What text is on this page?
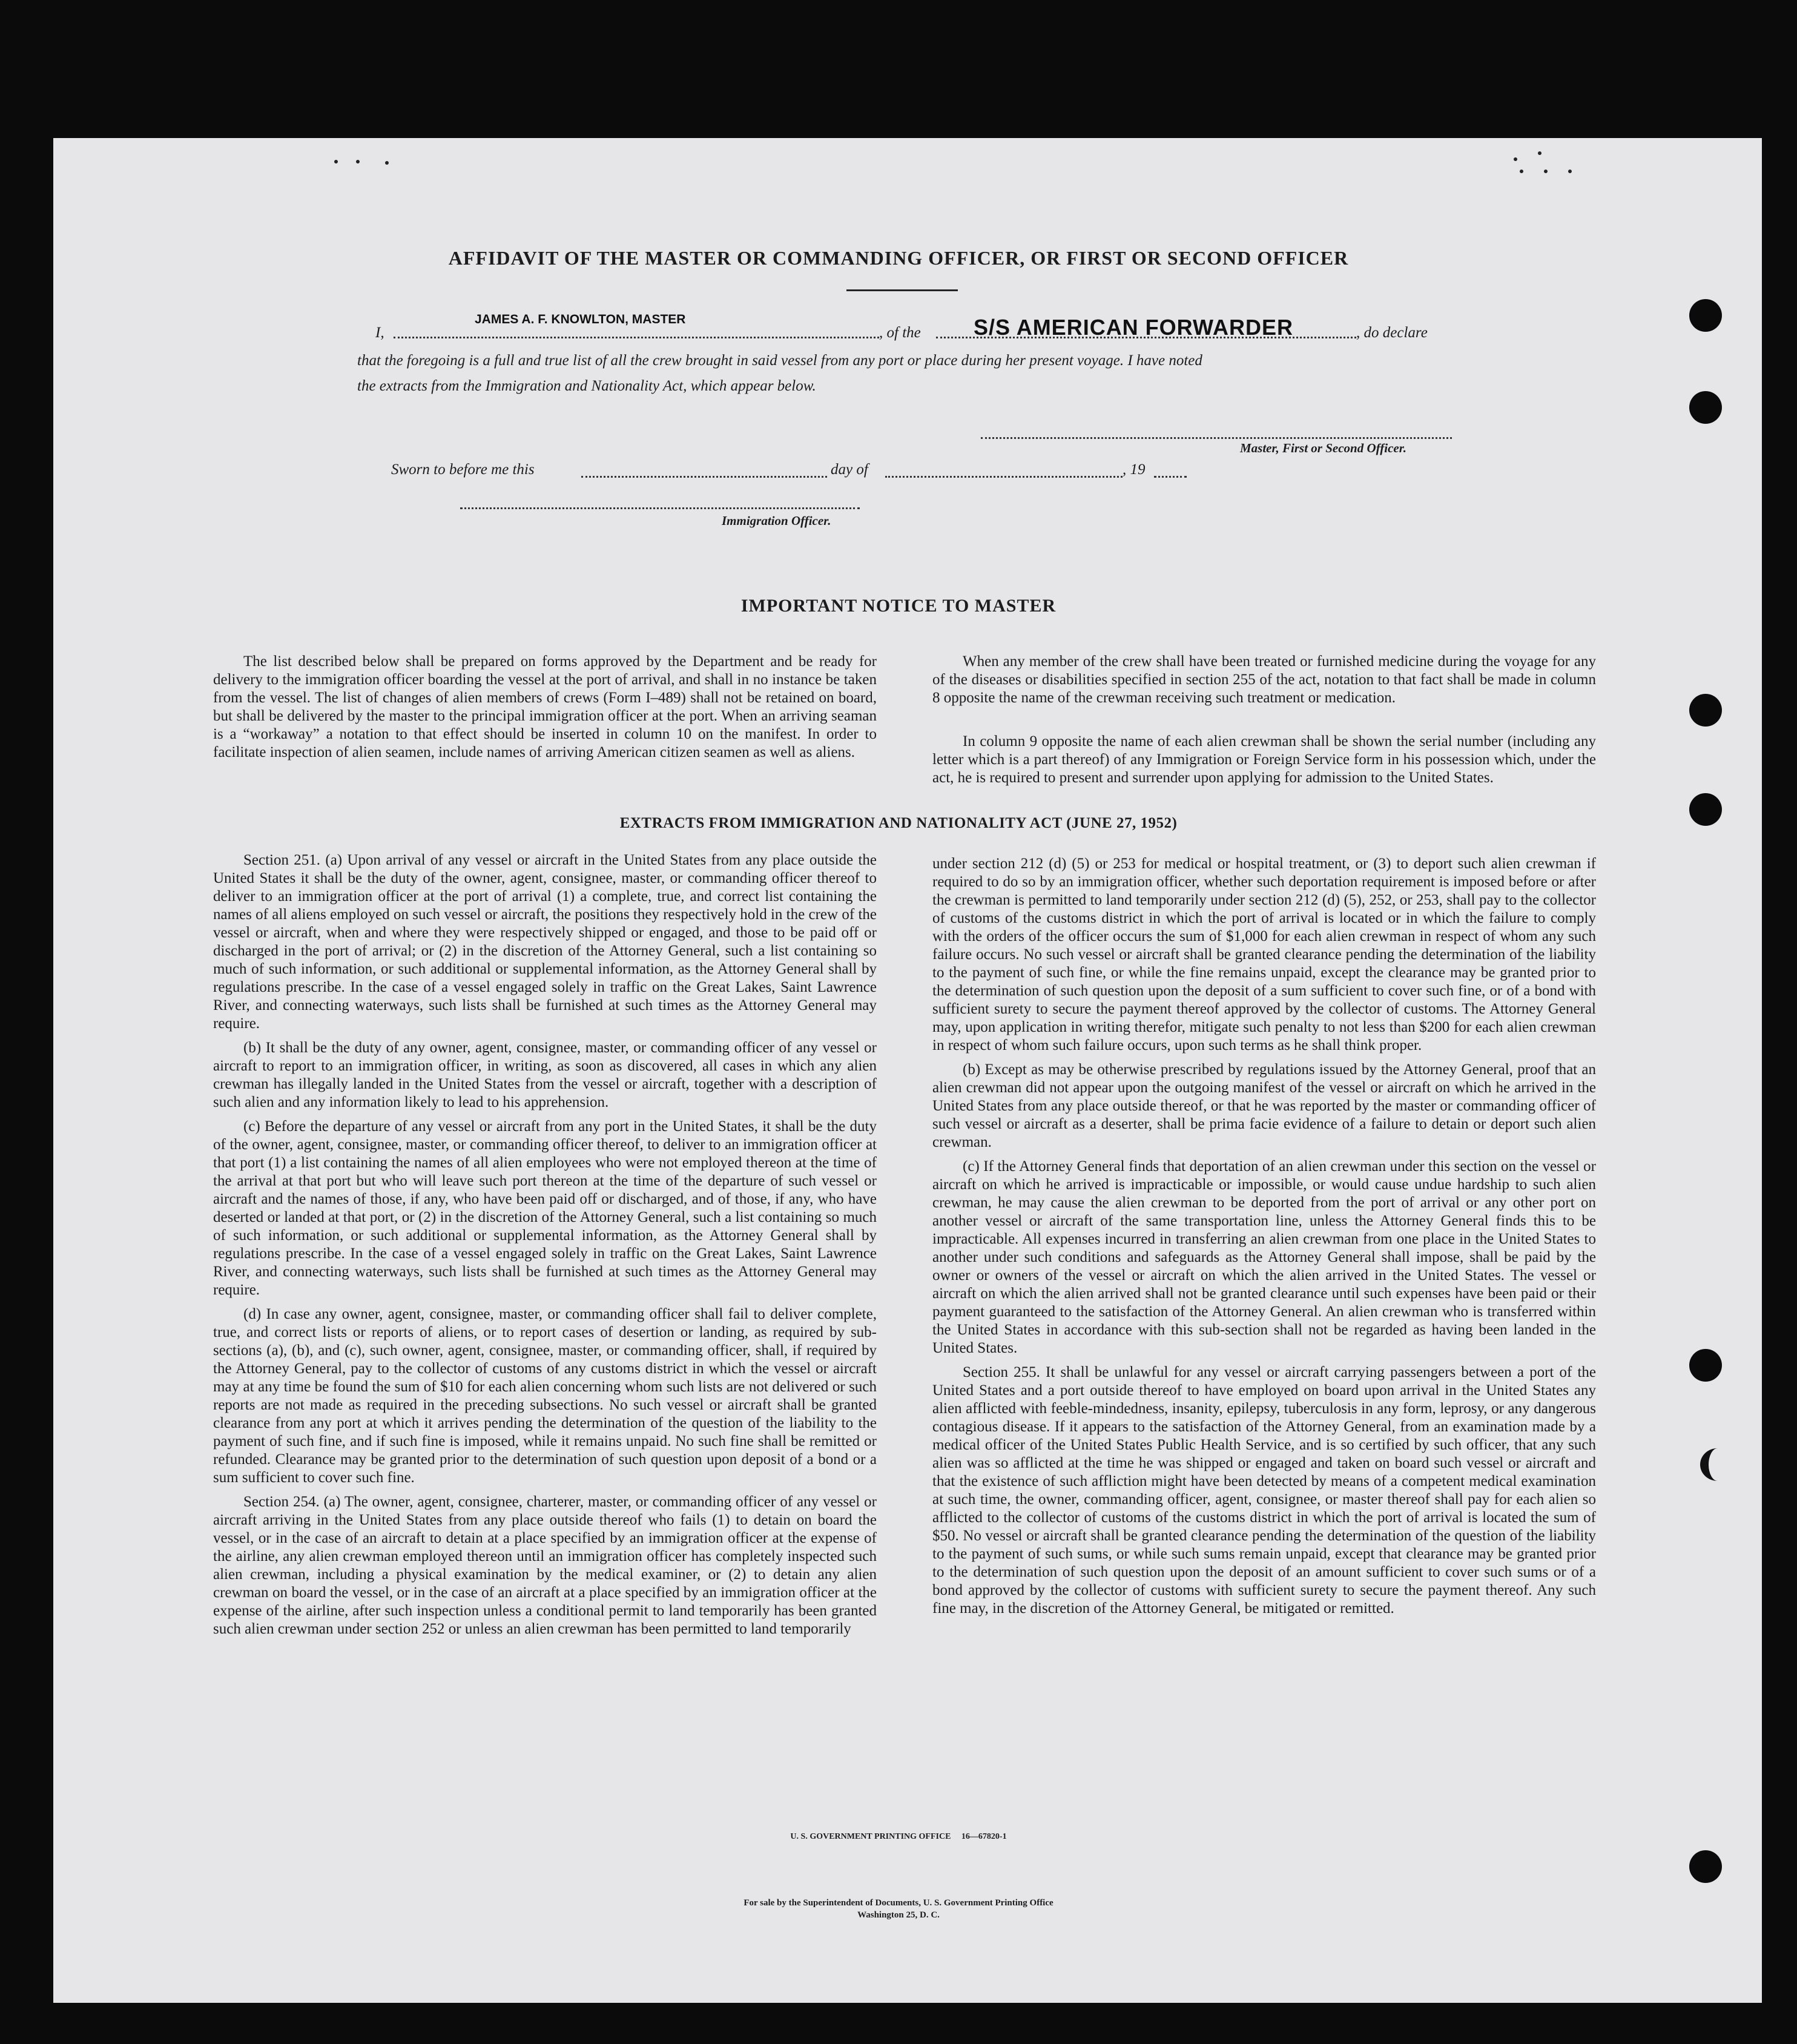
AFFIDAVIT OF THE MASTER OR COMMANDING OFFICER, OR FIRST OR SECOND OFFICER
I,
JAMES A. F. KNOWLTON, MASTER
, of the S/S AMERICAN FORWARDER	, do declare
that the foregoing is a full and true list of all the crew brought in said vessel from any port or place during her present voyage. I have noted
the extracts from the Immigration and Nationality Act, which appear below.
Master, First or Second Officer.
Sworn to before me this	day of	, 19
Immigration Officer.
IMPORTANT NOTICE TO MASTER

The list described below shall be prepared on forms approved by the Department and be ready for delivery to the immigration officer boarding the vessel at the port of arrival, and shall in no instance be taken from the vessel. The list of changes of alien members of crews (Form I–489) shall not be retained on board, but shall be delivered by the master to the principal immigration officer at the port. When an arriving seaman is a “workaway” a notation to that effect should be inserted in column 10 on the manifest. In order to facilitate inspection of alien seamen, include names of arriving American citizen seamen as well as aliens.

When any member of the crew shall have been treated or furnished medicine during the voyage for any of the diseases or disabilities specified in section 255 of the act, notation to that fact shall be made in column 8 opposite the name of the crewman receiving such treatment or medication.

In column 9 opposite the name of each alien crewman shall be shown the serial number (including any letter which is a part thereof) of any Immigration or Foreign Service form in his possession which, under the act, he is required to present and surrender upon applying for admission to the United States.

EXTRACTS FROM IMMIGRATION AND NATIONALITY ACT (JUNE 27, 1952)

Section 251. (a) Upon arrival of any vessel or aircraft in the United States from any place outside the United States it shall be the duty of the owner, agent, consignee, master, or commanding officer thereof to deliver to an immigration officer at the port of arrival (1) a complete, true, and correct list containing the names of all aliens employed on such vessel or aircraft, the positions they respectively hold in the crew of the vessel or aircraft, when and where they were respectively shipped or engaged, and those to be paid off or discharged in the port of arrival; or (2) in the discretion of the Attorney General, such a list containing so much of such information, or such additional or supplemental information, as the Attorney General shall by regulations prescribe. In the case of a vessel engaged solely in traffic on the Great Lakes, Saint Lawrence River, and connecting waterways, such lists shall be furnished at such times as the Attorney General may require.

(b) It shall be the duty of any owner, agent, consignee, master, or commanding officer of any vessel or aircraft to report to an immigration officer, in writing, as soon as discovered, all cases in which any alien crewman has illegally landed in the United States from the vessel or aircraft, together with a description of such alien and any information likely to lead to his apprehension.

(c) Before the departure of any vessel or aircraft from any port in the United States, it shall be the duty of the owner, agent, consignee, master, or commanding officer thereof, to deliver to an immigration officer at that port (1) a list containing the names of all alien employees who were not employed thereon at the time of the arrival at that port but who will leave such port thereon at the time of the departure of such vessel or aircraft and the names of those, if any, who have been paid off or discharged, and of those, if any, who have deserted or landed at that port, or (2) in the discretion of the Attorney General, such a list containing so much of such information, or such additional or supplemental information, as the Attorney General shall by regulations prescribe. In the case of a vessel engaged solely in traffic on the Great Lakes, Saint Lawrence River, and connecting waterways, such lists shall be furnished at such times as the Attorney General may require.

(d) In case any owner, agent, consignee, master, or commanding officer shall fail to deliver complete, true, and correct lists or reports of aliens, or to report cases of desertion or landing, as required by sub-sections (a), (b), and (c), such owner, agent, consignee, master, or commanding officer, shall, if required by the Attorney General, pay to the collector of customs of any customs district in which the vessel or aircraft may at any time be found the sum of $10 for each alien concerning whom such lists are not delivered or such reports are not made as required in the preceding subsections. No such vessel or aircraft shall be granted clearance from any port at which it arrives pending the determination of the question of the liability to the payment of such fine, and if such fine is imposed, while it remains unpaid. No such fine shall be remitted or refunded. Clearance may be granted prior to the determination of such question upon deposit of a bond or a sum sufficient to cover such fine.

Section 254. (a) The owner, agent, consignee, charterer, master, or commanding officer of any vessel or aircraft arriving in the United States from any place outside thereof who fails (1) to detain on board the vessel, or in the case of an aircraft to detain at a place specified by an immigration officer at the expense of the airline, any alien crewman employed thereon until an immigration officer has completely inspected such alien crewman, including a physical examination by the medical examiner, or (2) to detain any alien crewman on board the vessel, or in the case of an aircraft at a place specified by an immigration officer at the expense of the airline, after such inspection unless a conditional permit to land temporarily has been granted such alien crewman under section 252 or unless an alien crewman has been permitted to land temporarily

under section 212 (d) (5) or 253 for medical or hospital treatment, or (3) to deport such alien crewman if required to do so by an immigration officer, whether such deportation requirement is imposed before or after the crewman is permitted to land temporarily under section 212 (d) (5), 252, or 253, shall pay to the collector of customs of the customs district in which the port of arrival is located or in which the failure to comply with the orders of the officer occurs the sum of $1,000 for each alien crewman in respect of whom any such failure occurs. No such vessel or aircraft shall be granted clearance pending the determination of the liability to the payment of such fine, or while the fine remains unpaid, except the clearance may be granted prior to the determination of such question upon the deposit of a sum sufficient to cover such fine, or of a bond with sufficient surety to secure the payment thereof approved by the collector of customs. The Attorney General may, upon application in writing therefor, mitigate such penalty to not less than $200 for each alien crewman in respect of whom such failure occurs, upon such terms as he shall think proper.

(b) Except as may be otherwise prescribed by regulations issued by the Attorney General, proof that an alien crewman did not appear upon the outgoing manifest of the vessel or aircraft on which he arrived in the United States from any place outside thereof, or that he was reported by the master or commanding officer of such vessel or aircraft as a deserter, shall be prima facie evidence of a failure to detain or deport such alien crewman.

(c) If the Attorney General finds that deportation of an alien crewman under this section on the vessel or aircraft on which he arrived is impracticable or impossible, or would cause undue hardship to such alien crewman, he may cause the alien crewman to be deported from the port of arrival or any other port on another vessel or aircraft of the same transportation line, unless the Attorney General finds this to be impracticable. All expenses incurred in transferring an alien crewman from one place in the United States to another under such conditions and safeguards as the Attorney General shall impose, shall be paid by the owner or owners of the vessel or aircraft on which the alien arrived in the United States. The vessel or aircraft on which the alien arrived shall not be granted clearance until such expenses have been paid or their payment guaranteed to the satisfaction of the Attorney General. An alien crewman who is transferred within the United States in accordance with this sub-section shall not be regarded as having been landed in the United States.

Section 255. It shall be unlawful for any vessel or aircraft carrying passengers between a port of the United States and a port outside thereof to have employed on board upon arrival in the United States any alien afflicted with feeble-mindedness, insanity, epilepsy, tuberculosis in any form, leprosy, or any dangerous contagious disease. If it appears to the satisfaction of the Attorney General, from an examination made by a medical officer of the United States Public Health Service, and is so certified by such officer, that any such alien was so afflicted at the time he was shipped or engaged and taken on board such vessel or aircraft and that the existence of such affliction might have been detected by means of a competent medical examination at such time, the owner, commanding officer, agent, consignee, or master thereof shall pay for each alien so afflicted to the collector of customs of the customs district in which the port of arrival is located the sum of $50. No vessel or aircraft shall be granted clearance pending the determination of the question of the liability to the payment of such sums, or while such sums remain unpaid, except that clearance may be granted prior to the determination of such question upon the deposit of an amount sufficient to cover such sums or of a bond approved by the collector of customs with sufficient surety to secure the payment thereof. Any such fine may, in the discretion of the Attorney General, be mitigated or remitted.

U. S. GOVERNMENT PRINTING OFFICE     16—67820-1
For sale by the Superintendent of Documents, U. S. Government Printing Office
Washington 25, D. C.
